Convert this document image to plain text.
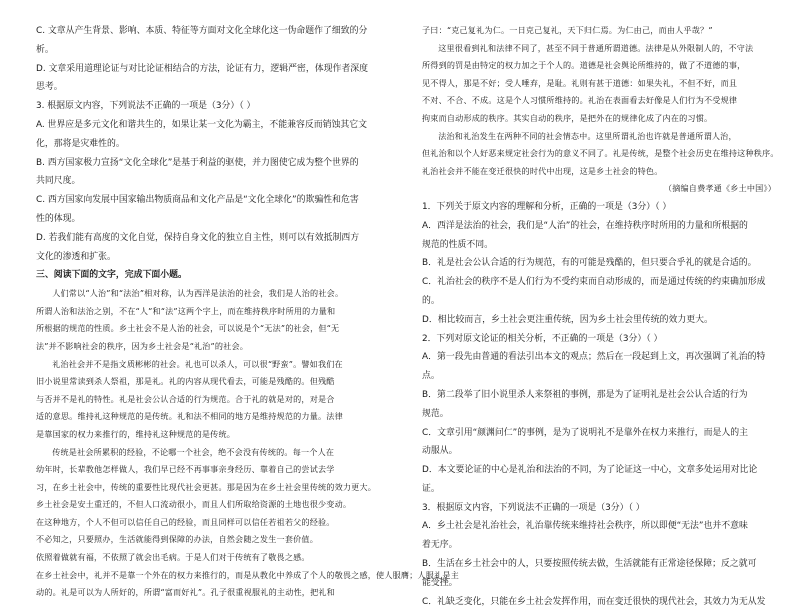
C. 文章从产生背景、影响、本质、特征等方面对文化全球化这一伪命题作了细致的分
析。
D. 文章采用道理论证与对比论证相结合的方法，论证有力，逻辑严密，体现作者深度
思考。
3. 根据原文内容，下列说法不正确的一项是（3分）（ ）
A. 世界应是多元文化和谐共生的，如果让某一文化为霸主，不能兼容反而销蚀其它文
化，那将是灾难性的。
B. 西方国家极力宣扬“文化全球化”是基于利益的驱使，并力图使它成为整个世界的
共同尺度。
C. 西方国家向发展中国家输出物质商品和文化产品是“文化全球化”的欺骗性和危害
性的体现。
D. 若我们能有高度的文化自觉，保持自身文化的独立自主性，则可以有效抵制西方
文化的渗透和扩张。
三、阅读下面的文字，完成下面小题。
人们常以“人治”和“法治”相对称，认为西洋是法治的社会，我们是人治的社会。
所谓人治和法治之别，不在“人”和“法”这两个字上，而在维持秩序时所用的力量和
所根据的规范的性质。乡土社会不是人治的社会，可以说是个“无法”的社会，但“无
法”并不影响社会的秩序，因为乡土社会是“礼治”的社会。
礼治社会并不是指文质彬彬的社会。礼也可以杀人，可以很“野蛮”。譬如我们在
旧小说里常读到杀人祭祖，那是礼。礼的内容从现代看去，可能是残酷的。但残酷
与否并不是礼的特性。礼是社会公认合适的行为规范。合于礼的就是对的，对是合
适的意思。维持礼这种规范的是传统。礼和法不相同的地方是维持规范的力量。法律
是靠国家的权力来推行的，维持礼这种规范的是传统。
传统是社会所累积的经验，不论哪一个社会，绝不会没有传统的。每一个人在
幼年时，长辈教他怎样做人，我们早已经不再事事亲身经历、靠着自己的尝试去学
习，在乡土社会中，传统的重要性比现代社会更甚。那是因为在乡土社会里传统的效力更大。
乡土社会是安土重迁的，不但人口流动很小，而且人们所取给资源的土地也很少变动。
在这种地方，个人不但可以信任自己的经验，而且同样可以信任若祖若父的经验。
不必知之，只要照办，生活就能得到保障的办法，自然会随之发生一套价值。
依照着做就有福，不依照了就会出毛病。于是人们对于传统有了敬畏之感。
在乡土社会中，礼并不是靠一个外在的权力来推行的，而是从教化中养成了个人的敬畏之感，使人服膺；人服礼是主
动的。礼是可以为人所好的，所谓“富而好礼”。孔子很重视服礼的主动性，把礼和
子曰：“克己复礼为仁。一日克己复礼，天下归仁焉。为仁由己，而由人乎哉？”
这里很看到礼和法律不同了，甚至不同于普通所谓道德。法律是从外限制人的，不守法
所得到的罚是由特定的权力加之于个人的。道德是社会舆论所维持的，做了不道德的事，
见不得人，那是不好；受人唾弃，是耻。礼则有甚于道德：如果失礼，不但不好，而且
不对、不合、不成。这是个人习惯所维持的。礼治在表面看去好像是人们行为不受规律
拘束而自动形成的秩序。其实自动的秩序，是把外在的规律化成了内在的习惯。
法治和礼治发生在两种不同的社会情态中。这里所谓礼治也许就是普通所谓人治，
但礼治和以个人好恶来规定社会行为的意义不同了。礼是传统，是整个社会历史在维持这种秩序。
礼治社会并不能在变迁很快的时代中出现，这是乡土社会的特色。
（摘编自费孝通《乡土中国》）
1．下列关于原文内容的理解和分析，正确的一项是（3分）（ ）
A．西洋是法治的社会，我们是“人治”的社会，在维持秩序时所用的力量和所根据的
规范的性质不同。
B．礼是社会公认合适的行为规范，有的可能是残酷的，但只要合乎礼的就是合适的。
C．礼治社会的秩序不是人们行为不受约束而自动形成的，而是通过传统的约束确加形成
的。
D．相比较而言，乡土社会更注重传统，因为乡土社会里传统的效力更大。
2．下列对原文论证的相关分析，不正确的一项是（3分）（ ）
A．第一段先由普通的看法引出本文的观点；然后在一段起到上文，再次强调了礼治的特
点。
B．第二段举了旧小说里杀人来祭祖的事例，那是为了证明礼是社会公认合适的行为
规范。
C．文章引用“颜渊问仁”的事例，是为了说明礼不是靠外在权力来推行，而是人的主
动服从。
D．本文要论证的中心是礼治和法治的不同，为了论证这一中心，文章多处运用对比论
证。
3．根据原文内容，下列说法不正确的一项是（3分）（ ）
A．乡土社会是礼治社会，礼治靠传统来维持社会秩序，所以即便“无法”也并不意味
着无序。
B．生活在乡土社会中的人，只要按照传统去做，生活就能有正常途径保障；反之就可
能受挫。
C．礼缺乏变化，只能在乡土社会发挥作用，而在变迁很快的现代社会，其效力为无从发
